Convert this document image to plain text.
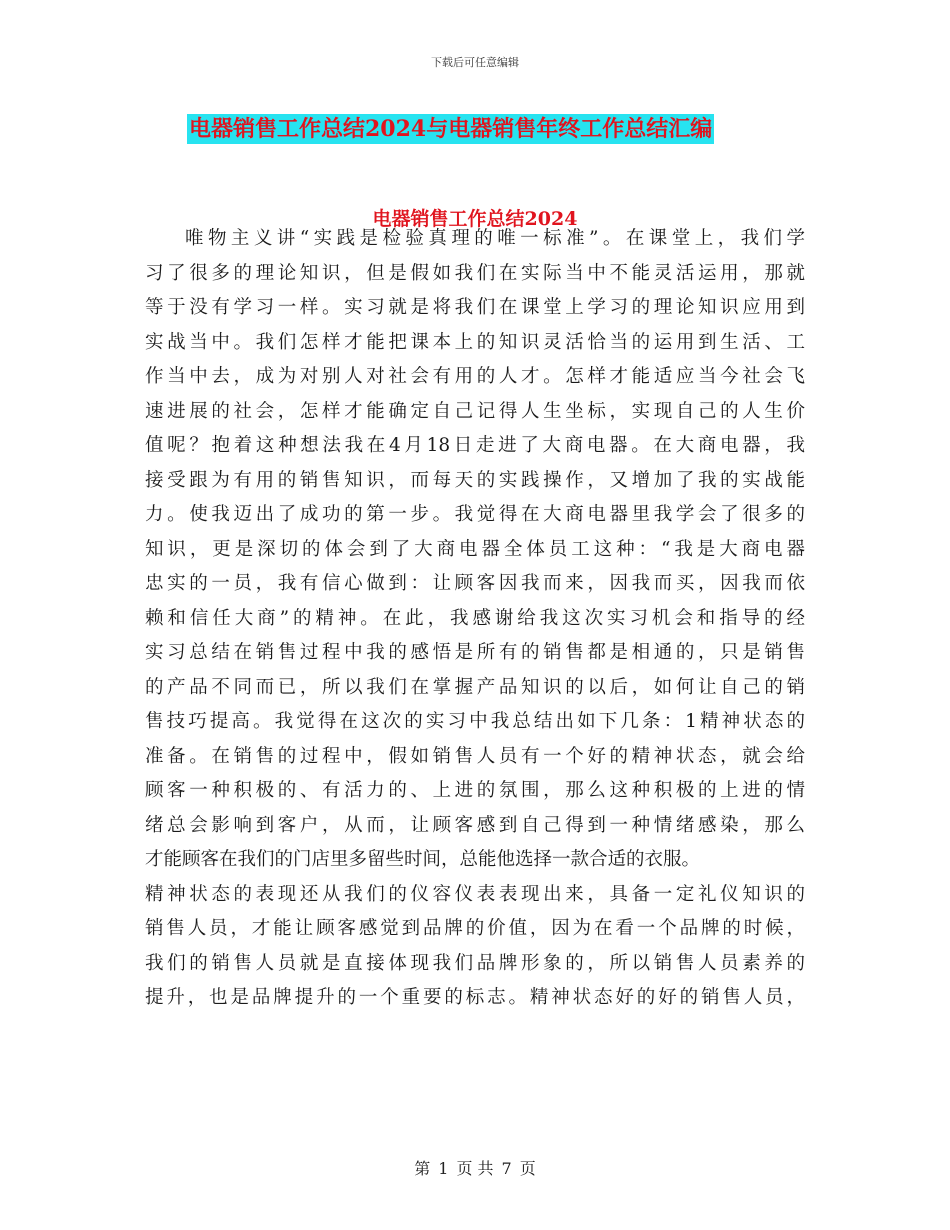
下载后可任意编辑
电器销售工作总结2024与电器销售年终工作总结汇编
电器销售工作总结2024
唯物主义讲“实践是检验真理的唯一标准”。在课堂上，我们学
习了很多的理论知识，但是假如我们在实际当中不能灵活运用，那就
等于没有学习一样。实习就是将我们在课堂上学习的理论知识应用到
实战当中。我们怎样才能把课本上的知识灵活恰当的运用到生活、工
作当中去，成为对别人对社会有用的人才。怎样才能适应当今社会飞
速进展的社会，怎样才能确定自己记得人生坐标，实现自己的人生价
值呢？抱着这种想法我在4月18日走进了大商电器。在大商电器，我
接受跟为有用的销售知识，而每天的实践操作，又增加了我的实战能
力。使我迈出了成功的第一步。我觉得在大商电器里我学会了很多的
知识，更是深切的体会到了大商电器全体员工这种：“我是大商电器
忠实的一员，我有信心做到：让顾客因我而来，因我而买，因我而依
赖和信任大商”的精神。在此，我感谢给我这次实习机会和指导的经
实习总结在销售过程中我的感悟是所有的销售都是相通的，只是销售
的产品不同而已，所以我们在掌握产品知识的以后，如何让自己的销
售技巧提高。我觉得在这次的实习中我总结出如下几条：1精神状态的
准备。在销售的过程中，假如销售人员有一个好的精神状态，就会给
顾客一种积极的、有活力的、上进的氛围，那么这种积极的上进的情
绪总会影响到客户，从而，让顾客感到自己得到一种情绪感染，那么
才能顾客在我们的门店里多留些时间，总能他选择一款合适的衣服。
精神状态的表现还从我们的仪容仪表表现出来，具备一定礼仪知识的
销售人员，才能让顾客感觉到品牌的价值，因为在看一个品牌的时候，
我们的销售人员就是直接体现我们品牌形象的，所以销售人员素养的
提升，也是品牌提升的一个重要的标志。精神状态好的好的销售人员，
第 1 页 共 7 页
